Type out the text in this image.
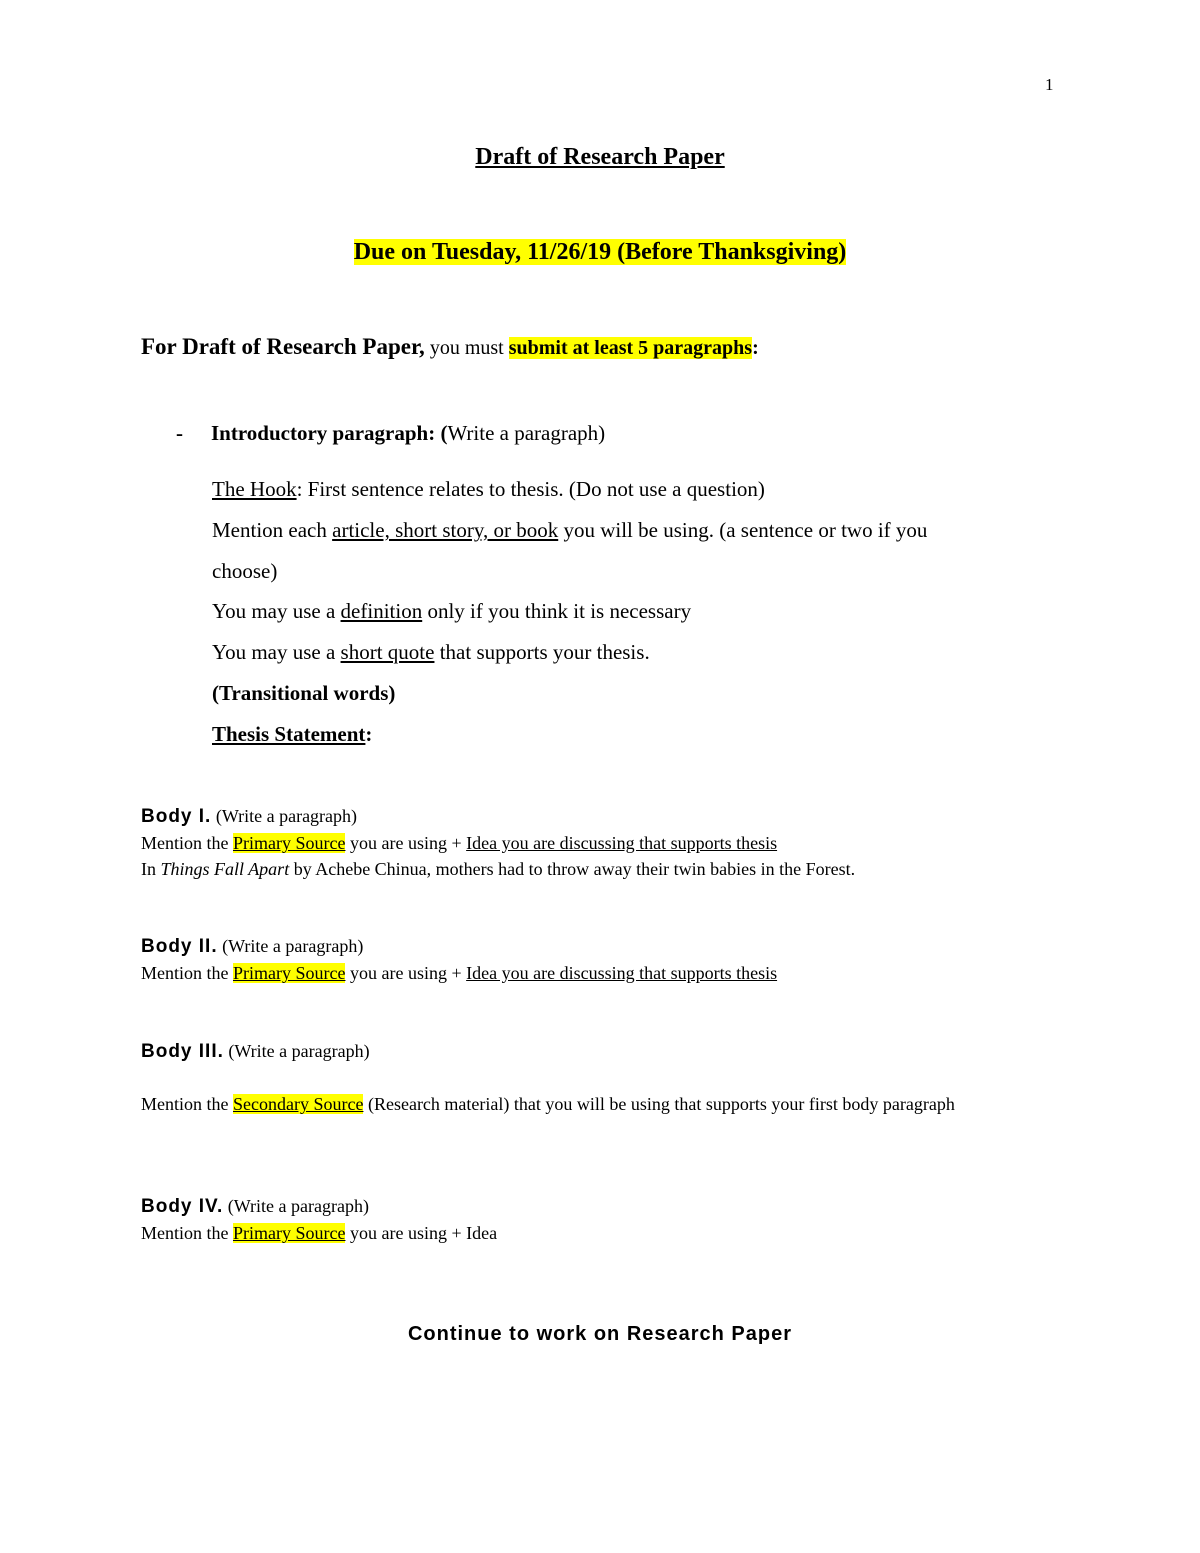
1
Draft of Research Paper
Due on Tuesday, 11/26/19 (Before Thanksgiving)
For Draft of Research Paper, you must submit at least 5 paragraphs:
- Introductory paragraph: (Write a paragraph)
The Hook: First sentence relates to thesis. (Do not use a question)
Mention each article, short story, or book you will be using. (a sentence or two if you
choose)
You may use a definition only if you think it is necessary
You may use a short quote that supports your thesis.
(Transitional words)
Thesis Statement:
Body I. (Write a paragraph)
Mention the Primary Source you are using + Idea you are discussing that supports thesis
In Things Fall Apart by Achebe Chinua, mothers had to throw away their twin babies in the Forest.
Body II. (Write a paragraph)
Mention the Primary Source you are using + Idea you are discussing that supports thesis
Body III. (Write a paragraph)
Mention the Secondary Source (Research material) that you will be using that supports your first body paragraph
Body IV. (Write a paragraph)
Mention the Primary Source you are using + Idea
Continue to work on Research Paper
